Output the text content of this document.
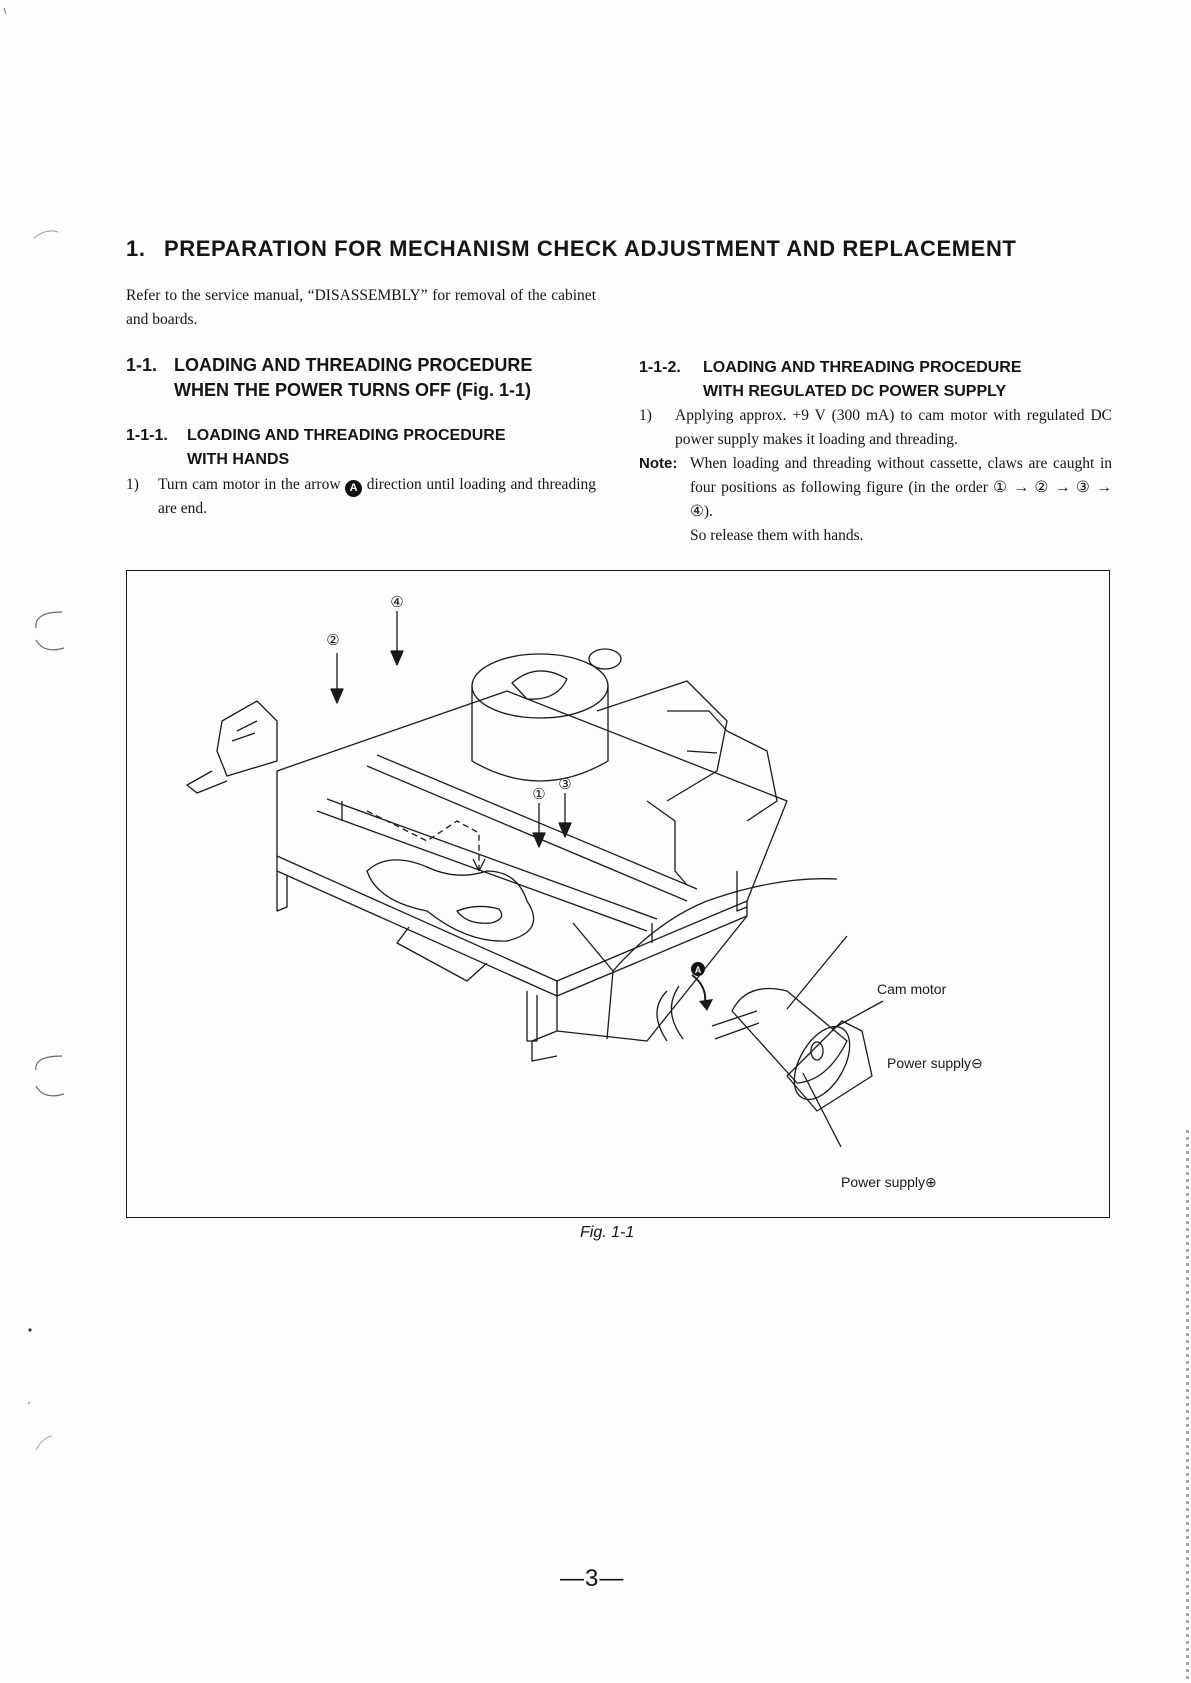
1. PREPARATION FOR MECHANISM CHECK ADJUSTMENT AND REPLACEMENT
Refer to the service manual, “DISASSEMBLY” for removal of the cabinet and boards.
1-1. LOADING AND THREADING PROCEDURE
WHEN THE POWER TURNS OFF (Fig. 1-1)
1-1-1. LOADING AND THREADING PROCEDURE
WITH HANDS
1) Turn cam motor in the arrow A direction until loading and threading are end.
1-1-2. LOADING AND THREADING PROCEDURE
WITH REGULATED DC POWER SUPPLY
1) Applying approx. +9 V (300 mA) to cam motor with regulated DC power supply makes it loading and threading.
Note: When loading and threading without cassette, claws are caught in four positions as following figure (in the order ① → ② → ③ → ④).
So release them with hands.
A
②
④
①
③
Cam motor
Power supply⊖
Power supply⊕
Fig. 1-1
—3—
